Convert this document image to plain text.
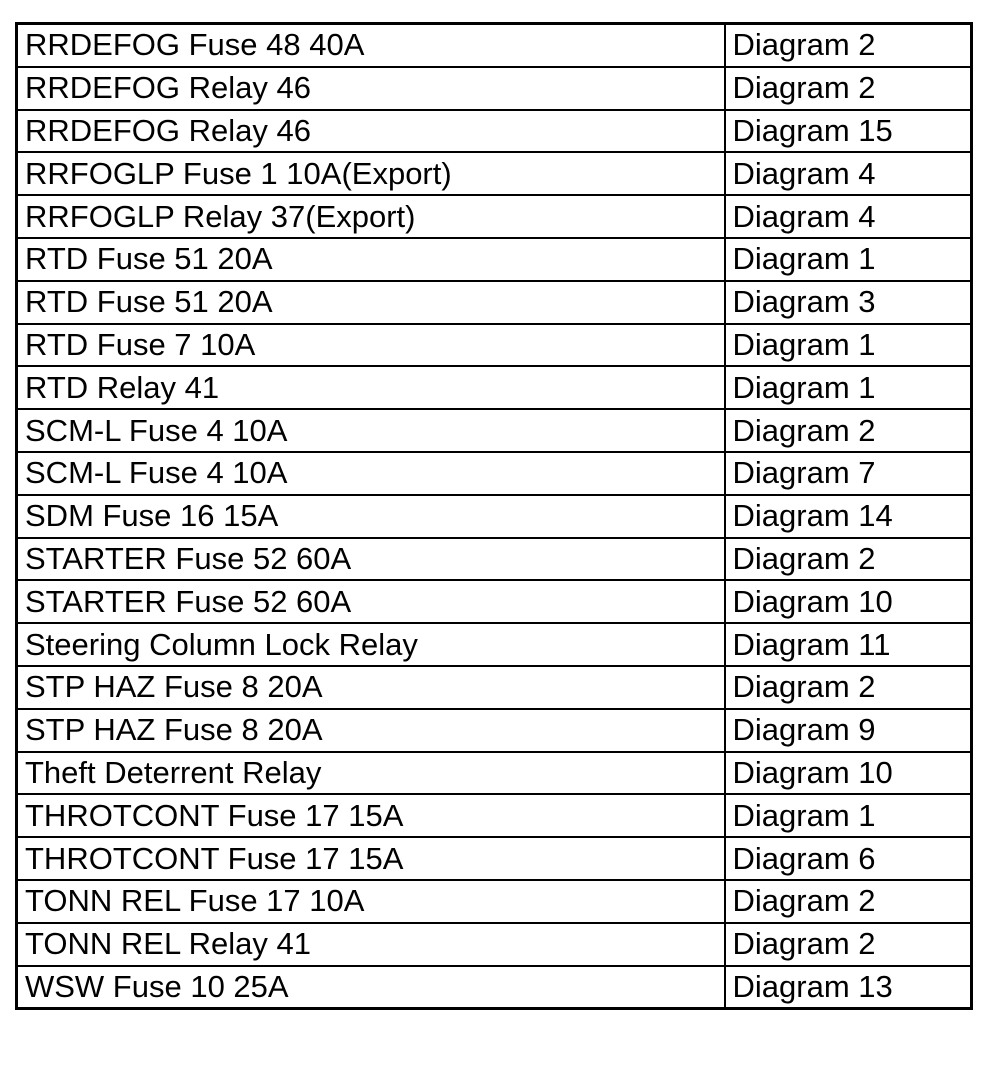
RRDEFOG Fuse 48 40A	Diagram 2
RRDEFOG Relay 46	Diagram 2
RRDEFOG Relay 46	Diagram 15
RRFOGLP Fuse 1 10A(Export)	Diagram 4
RRFOGLP Relay 37(Export)	Diagram 4
RTD Fuse 51 20A	Diagram 1
RTD Fuse 51 20A	Diagram 3
RTD Fuse 7 10A	Diagram 1
RTD Relay 41	Diagram 1
SCM-L Fuse 4 10A	Diagram 2
SCM-L Fuse 4 10A	Diagram 7
SDM Fuse 16 15A	Diagram 14
STARTER Fuse 52 60A	Diagram 2
STARTER Fuse 52 60A	Diagram 10
Steering Column Lock Relay	Diagram 11
STP HAZ Fuse 8 20A	Diagram 2
STP HAZ Fuse 8 20A	Diagram 9
Theft Deterrent Relay	Diagram 10
THROTCONT Fuse 17 15A	Diagram 1
THROTCONT Fuse 17 15A	Diagram 6
TONN REL Fuse 17 10A	Diagram 2
TONN REL Relay 41	Diagram 2
WSW Fuse 10 25A	Diagram 13
